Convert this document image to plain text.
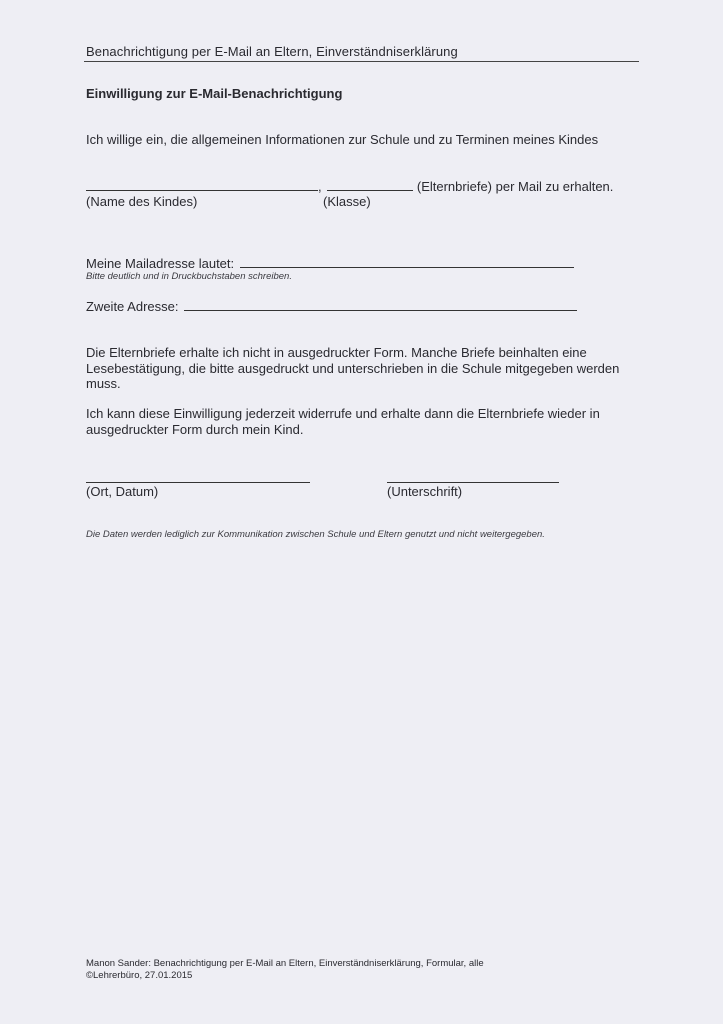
Benachrichtigung per E-Mail an Eltern, Einverständniserklärung
Einwilligung zur E-Mail-Benachrichtigung
Ich willige ein, die allgemeinen Informationen zur Schule und zu Terminen meines Kindes
,	(Elternbriefe) per Mail zu erhalten.
(Name des Kindes)	(Klasse)
Meine Mailadresse lautet:
Bitte deutlich und in Druckbuchstaben schreiben.
Zweite Adresse:
Die Elternbriefe erhalte ich nicht in ausgedruckter Form. Manche Briefe beinhalten eine Lesebestätigung, die bitte ausgedruckt und unterschrieben in die Schule mitgegeben werden muss.
Ich kann diese Einwilligung jederzeit widerrufe und erhalte dann die Elternbriefe wieder in ausgedruckter Form durch mein Kind.
(Ort, Datum)	(Unterschrift)
Die Daten werden lediglich zur Kommunikation zwischen Schule und Eltern genutzt und nicht weitergegeben.
Manon Sander: Benachrichtigung per E-Mail an Eltern, Einverständniserklärung, Formular, alle
©Lehrerbüro, 27.01.2015
